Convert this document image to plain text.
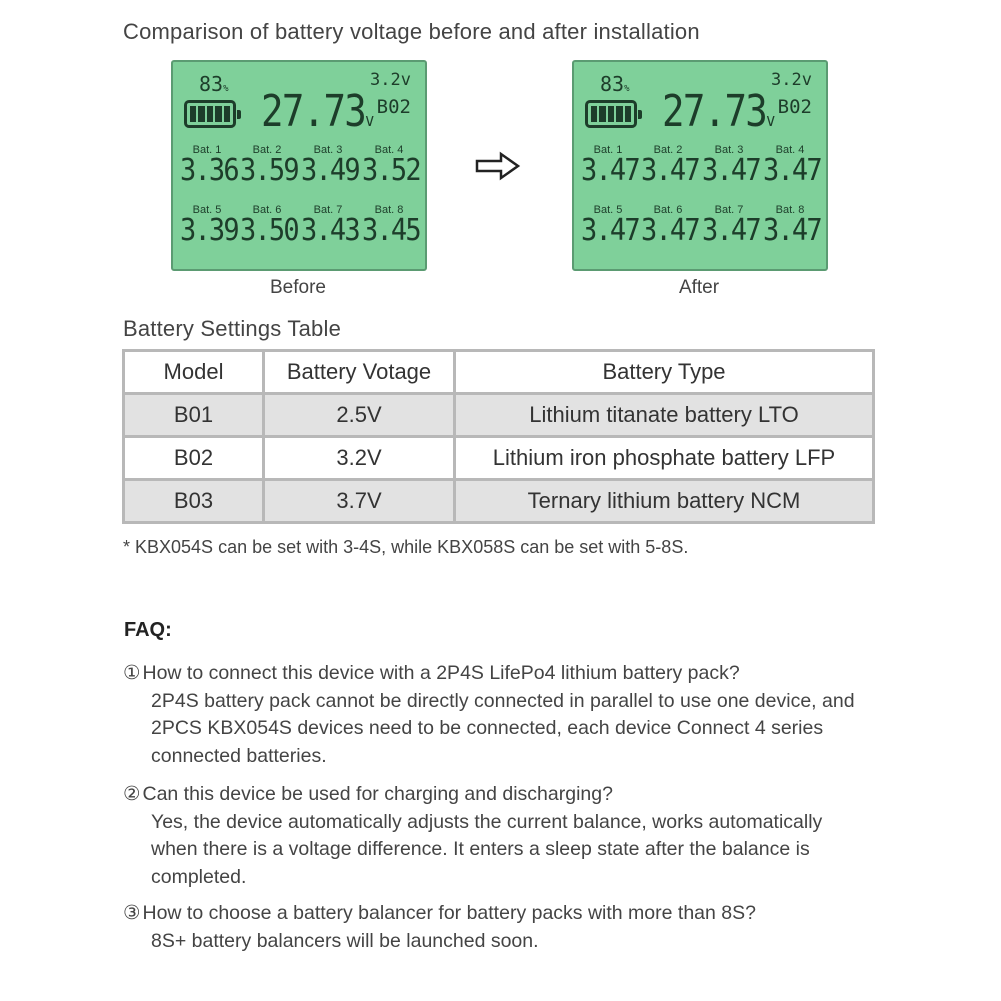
Comparison of battery voltage before and after installation
83% 27.73v
3.2v
B02
Bat. 1
3.36
Bat. 2
3.59
Bat. 3
3.49
Bat. 4
3.52
Bat. 5
3.39
Bat. 6
3.50
Bat. 7
3.43
Bat. 8
3.45
Before
83% 27.73v
3.2v
B02
Bat. 1
3.47
Bat. 2
3.47
Bat. 3
3.47
Bat. 4
3.47
Bat. 5
3.47
Bat. 6
3.47
Bat. 7
3.47
Bat. 8
3.47
After
Battery Settings Table
Model	Battery Votage	Battery Type
B01	2.5V	Lithium titanate battery LTO
B02	3.2V	Lithium iron phosphate battery LFP
B03	3.7V	Ternary lithium battery NCM
* KBX054S can be set with 3-4S, while KBX058S can be set with 5-8S.
FAQ:
① How to connect this device with a 2P4S LifePo4 lithium battery pack?
2P4S battery pack cannot be directly connected in parallel to use one device, and 2PCS KBX054S devices need to be connected, each device Connect 4 series connected batteries.
② Can this device be used for charging and discharging?
Yes, the device automatically adjusts the current balance, works automatically when there is a voltage difference. It enters a sleep state after the balance is completed.
③ How to choose a battery balancer for battery packs with more than 8S?
8S+ battery balancers will be launched soon.
